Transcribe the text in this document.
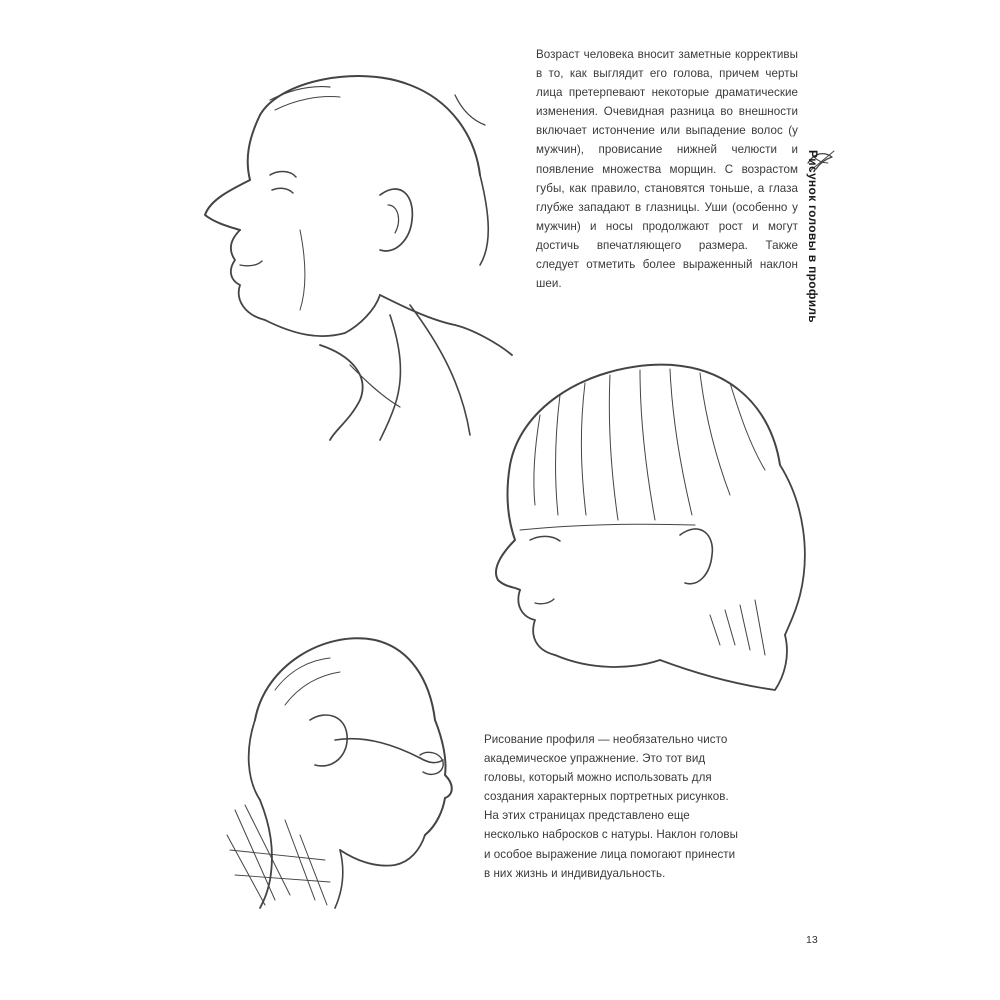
Возраст человека вносит заметные коррективы в то, как выглядит его голова, причем черты лица претерпевают некоторые драматические изменения. Очевидная разница во внешности включает истончение или выпадение волос (у мужчин), провисание нижней челюсти и появление множества морщин. С возрастом губы, как правило, становятся тоньше, а глаза глубже западают в глазницы. Уши (особенно у мужчин) и носы продолжают рост и могут достичь впечатляющего размера. Также следует отметить более выраженный наклон шеи.	Рисунок головы в профиль

Рисование профиля — необязательно чисто академическое упражнение. Это тот вид головы, который можно использовать для создания характерных портретных рисунков. На этих страницах представлено еще несколько набросков с натуры. Наклон головы и особое выражение лица помогают принести в них жизнь и индивидуальность.

13
